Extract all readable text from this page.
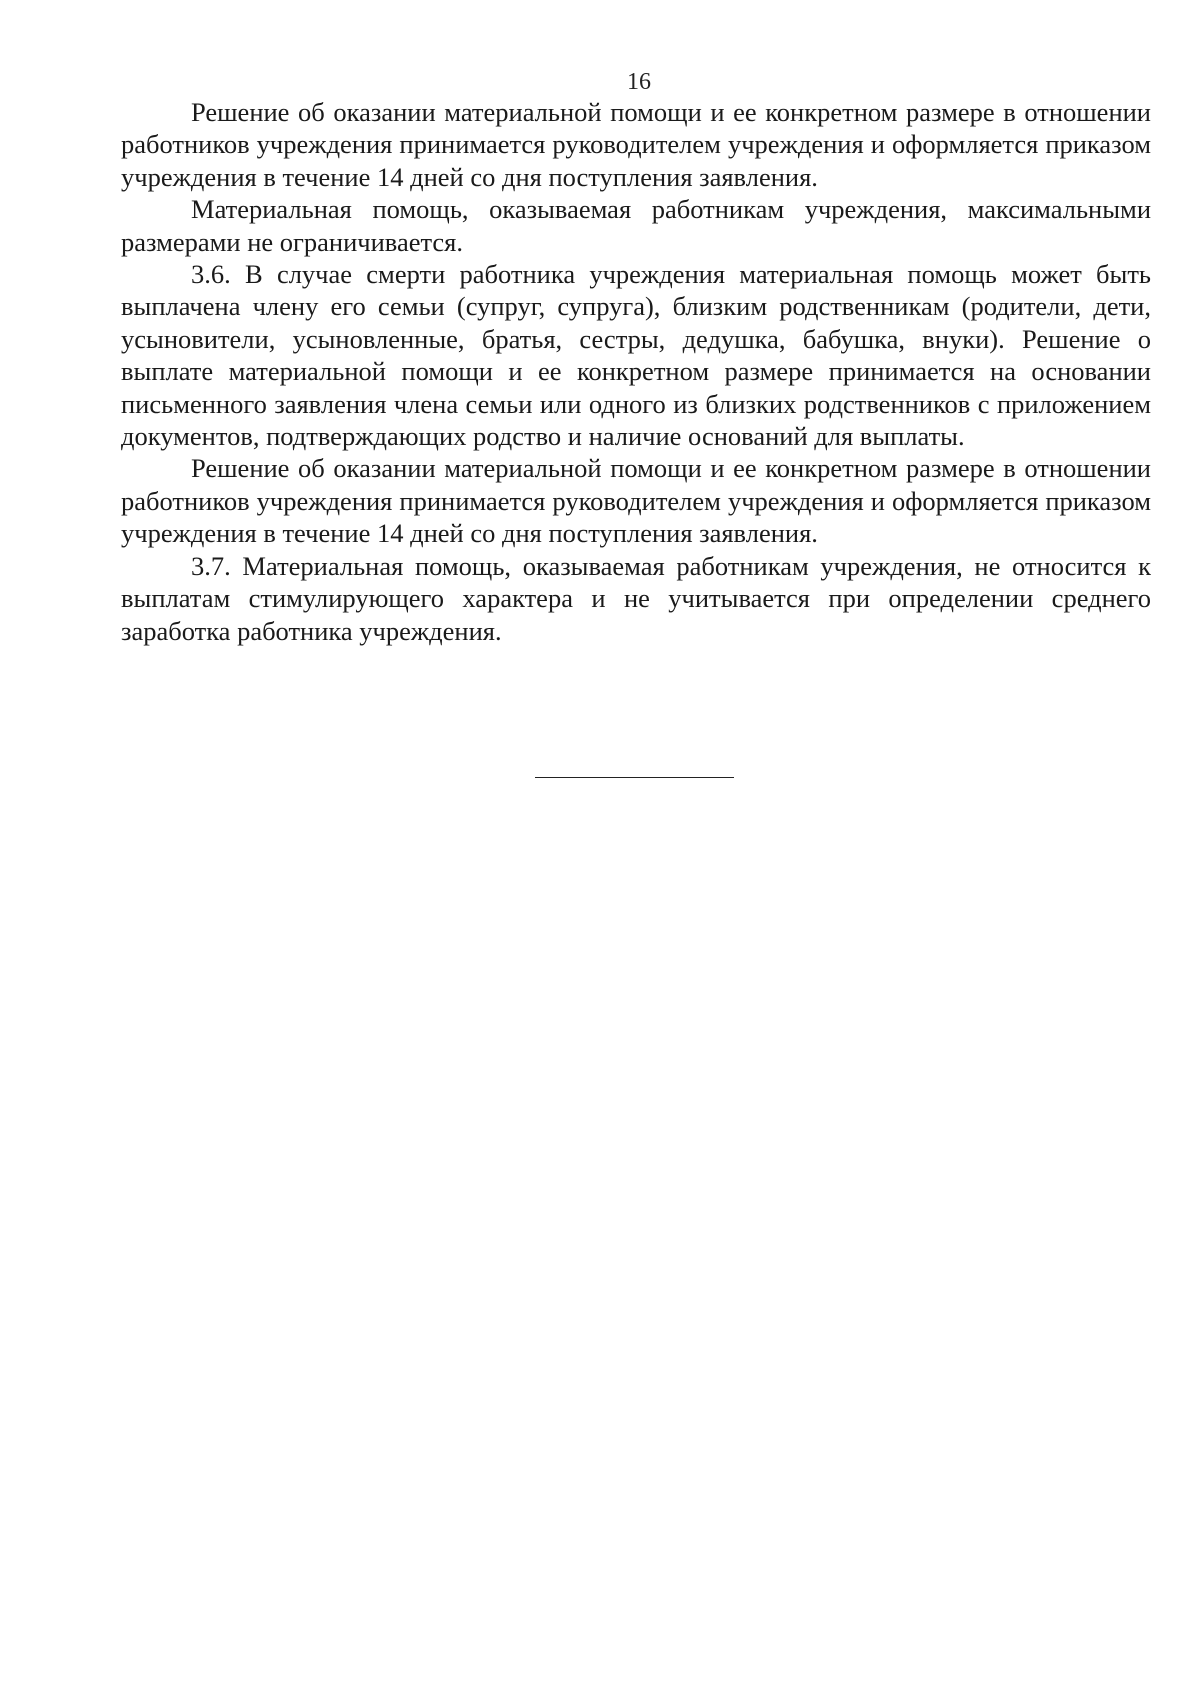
16

Решение об оказании материальной помощи и ее конкретном размере в отношении работников учреждения принимается руководителем учреждения и оформляется приказом учреждения в течение 14 дней со дня поступления заявления.

Материальная помощь, оказываемая работникам учреждения, максимальными размерами не ограничивается.

3.6. В случае смерти работника учреждения материальная помощь может быть выплачена члену его семьи (супруг, супруга), близким родственникам (родители, дети, усыновители, усыновленные, братья, сестры, дедушка, бабушка, внуки). Решение о выплате материальной помощи и ее конкретном размере принимается на основании письменного заявления члена семьи или одного из близких родственников с приложением документов, подтверждающих родство и наличие оснований для выплаты.

Решение об оказании материальной помощи и ее конкретном размере в отношении работников учреждения принимается руководителем учреждения и оформляется приказом учреждения в течение 14 дней со дня поступления заявления.

3.7. Материальная помощь, оказываемая работникам учреждения, не относится к выплатам стимулирующего характера и не учитывается при определении среднего заработка работника учреждения.
